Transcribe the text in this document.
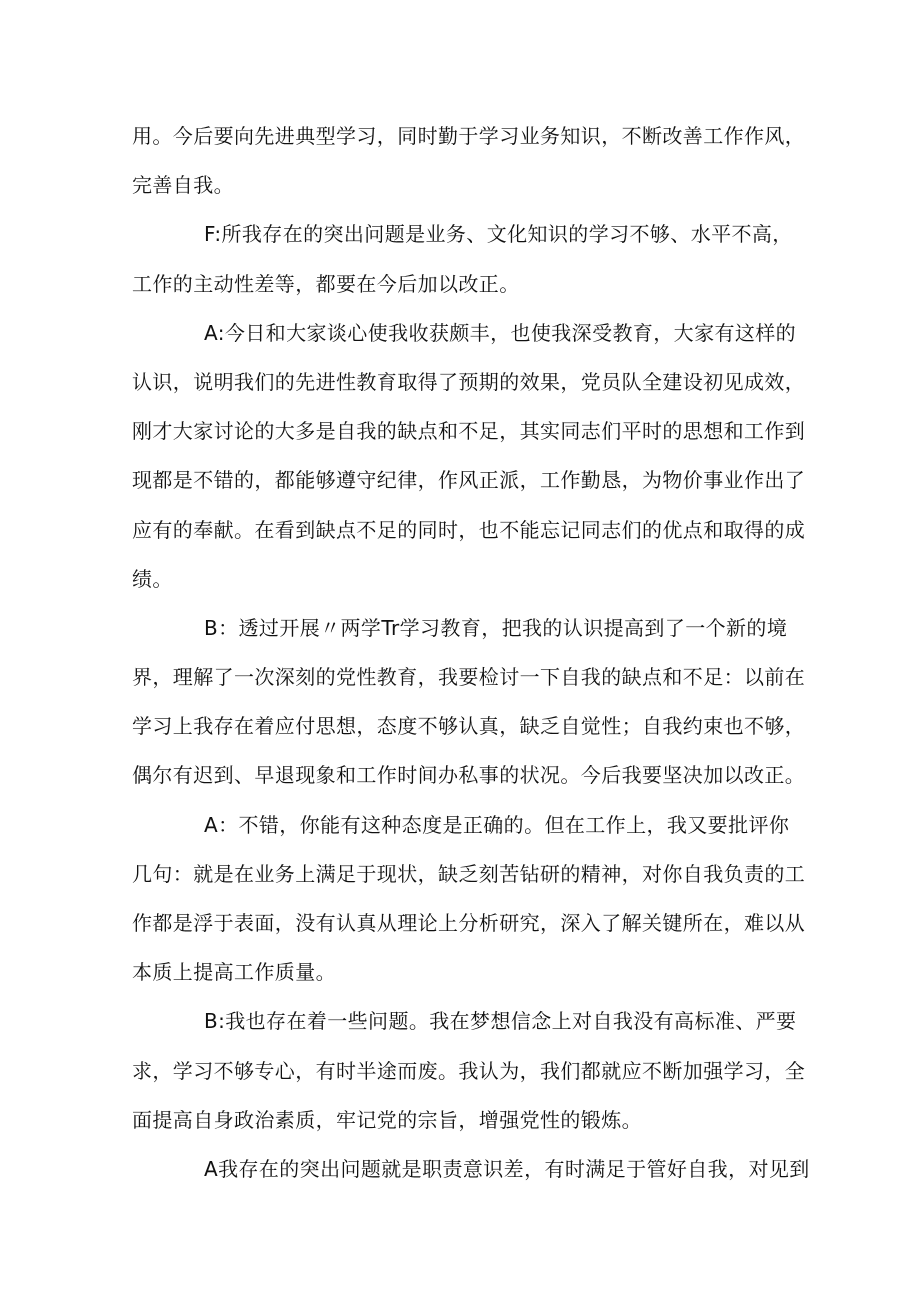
用。今后要向先进典型学习，同时勤于学习业务知识，不断改善工作作风，
完善自我。
F:所我存在的突出问题是业务、文化知识的学习不够、水平不高，
工作的主动性差等，都要在今后加以改正。
A:今日和大家谈心使我收获颇丰，也使我深受教育，大家有这样的
认识，说明我们的先进性教育取得了预期的效果，党员队全建设初见成效，
刚才大家讨论的大多是自我的缺点和不足，其实同志们平时的思想和工作到
现都是不错的，都能够遵守纪律，作风正派，工作勤恳，为物价事业作出了
应有的奉献。在看到缺点不足的同时，也不能忘记同志们的优点和取得的成
绩。
B：透过开展〃两学Tr学习教育，把我的认识提高到了一个新的境
界，理解了一次深刻的党性教育，我要检讨一下自我的缺点和不足：以前在
学习上我存在着应付思想，态度不够认真，缺乏自觉性；自我约束也不够，
偶尔有迟到、早退现象和工作时间办私事的状况。今后我要坚决加以改正。
A：不错，你能有这种态度是正确的。但在工作上，我又要批评你
几句：就是在业务上满足于现状，缺乏刻苦钻研的精神，对你自我负责的工
作都是浮于表面，没有认真从理论上分析研究，深入了解关键所在，难以从
本质上提高工作质量。
B:我也存在着一些问题。我在梦想信念上对自我没有高标准、严要
求，学习不够专心，有时半途而废。我认为，我们都就应不断加强学习，全
面提高自身政治素质，牢记党的宗旨，增强党性的锻炼。
A我存在的突出问题就是职责意识差，有时满足于管好自我，对见到
